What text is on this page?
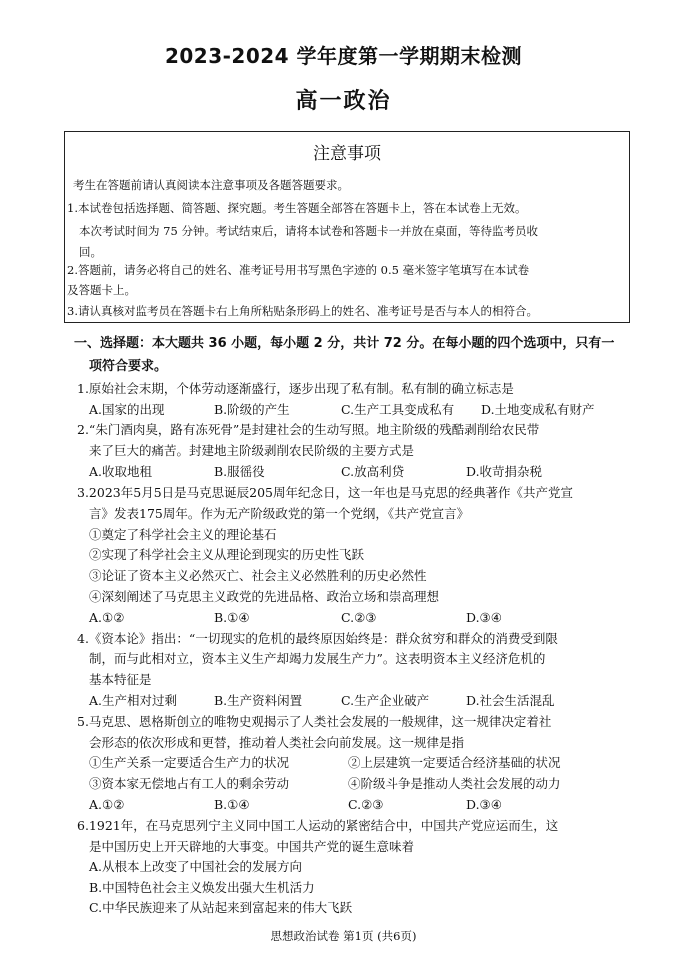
2023-2024 学年度第一学期期末检测
高一政治
注意事项
考生在答题前请认真阅读本注意事项及各题答题要求。
1.本试卷包括选择题、简答题、探究题。考生答题全部答在答题卡上，答在本试卷上无效。
本次考试时间为 75 分钟。考试结束后，请将本试卷和答题卡一并放在桌面，等待监考员收
回。
2.答题前，请务必将自己的姓名、准考证号用书写黑色字迹的 0.5 毫米签字笔填写在本试卷
及答题卡上。
3.请认真核对监考员在答题卡右上角所粘贴条形码上的姓名、准考证号是否与本人的相符合。
一、选择题：本大题共 36 小题，每小题 2 分，共计 72 分。在每小题的四个选项中，只有一
项符合要求。
1.原始社会末期，个体劳动逐渐盛行，逐步出现了私有制。私有制的确立标志是
A.国家的出现	B.阶级的产生	C.生产工具变成私有 D.土地变成私有财产
2.“朱门酒肉臭，路有冻死骨”是封建社会的生动写照。地主阶级的残酷剥削给农民带
来了巨大的痛苦。封建地主阶级剥削农民阶级的主要方式是
A.收取地租	B.服徭役	C.放高利贷	D.收苛捐杂税
3.2023年5月5日是马克思诞辰205周年纪念日，这一年也是马克思的经典著作《共产党宣
言》发表175周年。作为无产阶级政党的第一个党纲，《共产党宣言》
①奠定了科学社会主义的理论基石
②实现了科学社会主义从理论到现实的历史性飞跃
③论证了资本主义必然灭亡、社会主义必然胜利的历史必然性
④深刻阐述了马克思主义政党的先进品格、政治立场和崇高理想
A.①②	B.①④	C.②③	D.③④
4.《资本论》指出：“一切现实的危机的最终原因始终是：群众贫穷和群众的消费受到限
制，而与此相对立，资本主义生产却竭力发展生产力”。这表明资本主义经济危机的
基本特征是
A.生产相对过剩	B.生产资料闲置	C.生产企业破产	D.社会生活混乱
5.马克思、恩格斯创立的唯物史观揭示了人类社会发展的一般规律，这一规律决定着社
会形态的依次形成和更替，推动着人类社会向前发展。这一规律是指
①生产关系一定要适合生产力的状况	②上层建筑一定要适合经济基础的状况
③资本家无偿地占有工人的剩余劳动	④阶级斗争是推动人类社会发展的动力
A.①②	B.①④	C.②③	D.③④
6.1921年，在马克思列宁主义同中国工人运动的紧密结合中，中国共产党应运而生，这
是中国历史上开天辟地的大事变。中国共产党的诞生意味着
A.从根本上改变了中国社会的发展方向
B.中国特色社会主义焕发出强大生机活力
C.中华民族迎来了从站起来到富起来的伟大飞跃
思想政治试卷 第1页 (共6页)
